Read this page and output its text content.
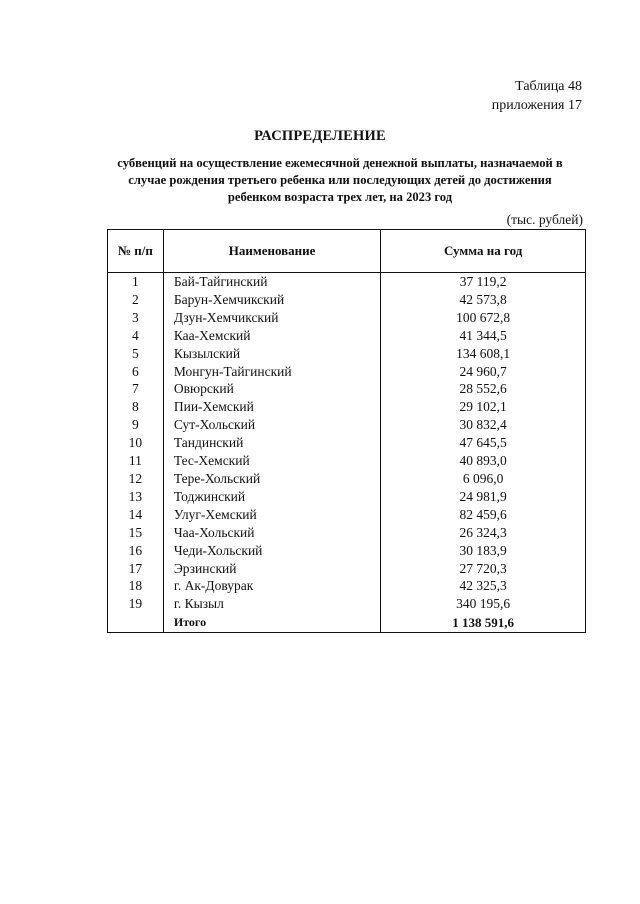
Таблица 48
приложения 17
РАСПРЕДЕЛЕНИЕ
субвенций на осуществление ежемесячной денежной выплаты, назначаемой в
случае рождения третьего ребенка или последующих детей до достижения
ребенком возраста трех лет, на 2023 год
(тыс. рублей)
№ п/п	Наименование	Сумма на год
1	Бай-Тайгинский	37 119,2
2	Барун-Хемчикский	42 573,8
3	Дзун-Хемчикский	100 672,8
4	Каа-Хемский	41 344,5
5	Кызылский	134 608,1
6	Монгун-Тайгинский	24 960,7
7	Овюрский	28 552,6
8	Пии-Хемский	29 102,1
9	Сут-Хольский	30 832,4
10	Тандинский	47 645,5
11	Тес-Хемский	40 893,0
12	Тере-Хольский	6 096,0
13	Тоджинский	24 981,9
14	Улуг-Хемский	82 459,6
15	Чаа-Хольский	26 324,3
16	Чеди-Хольский	30 183,9
17	Эрзинский	27 720,3
18	г. Ак-Довурак	42 325,3
19	г. Кызыл	340 195,6
	Итого	1 138 591,6
